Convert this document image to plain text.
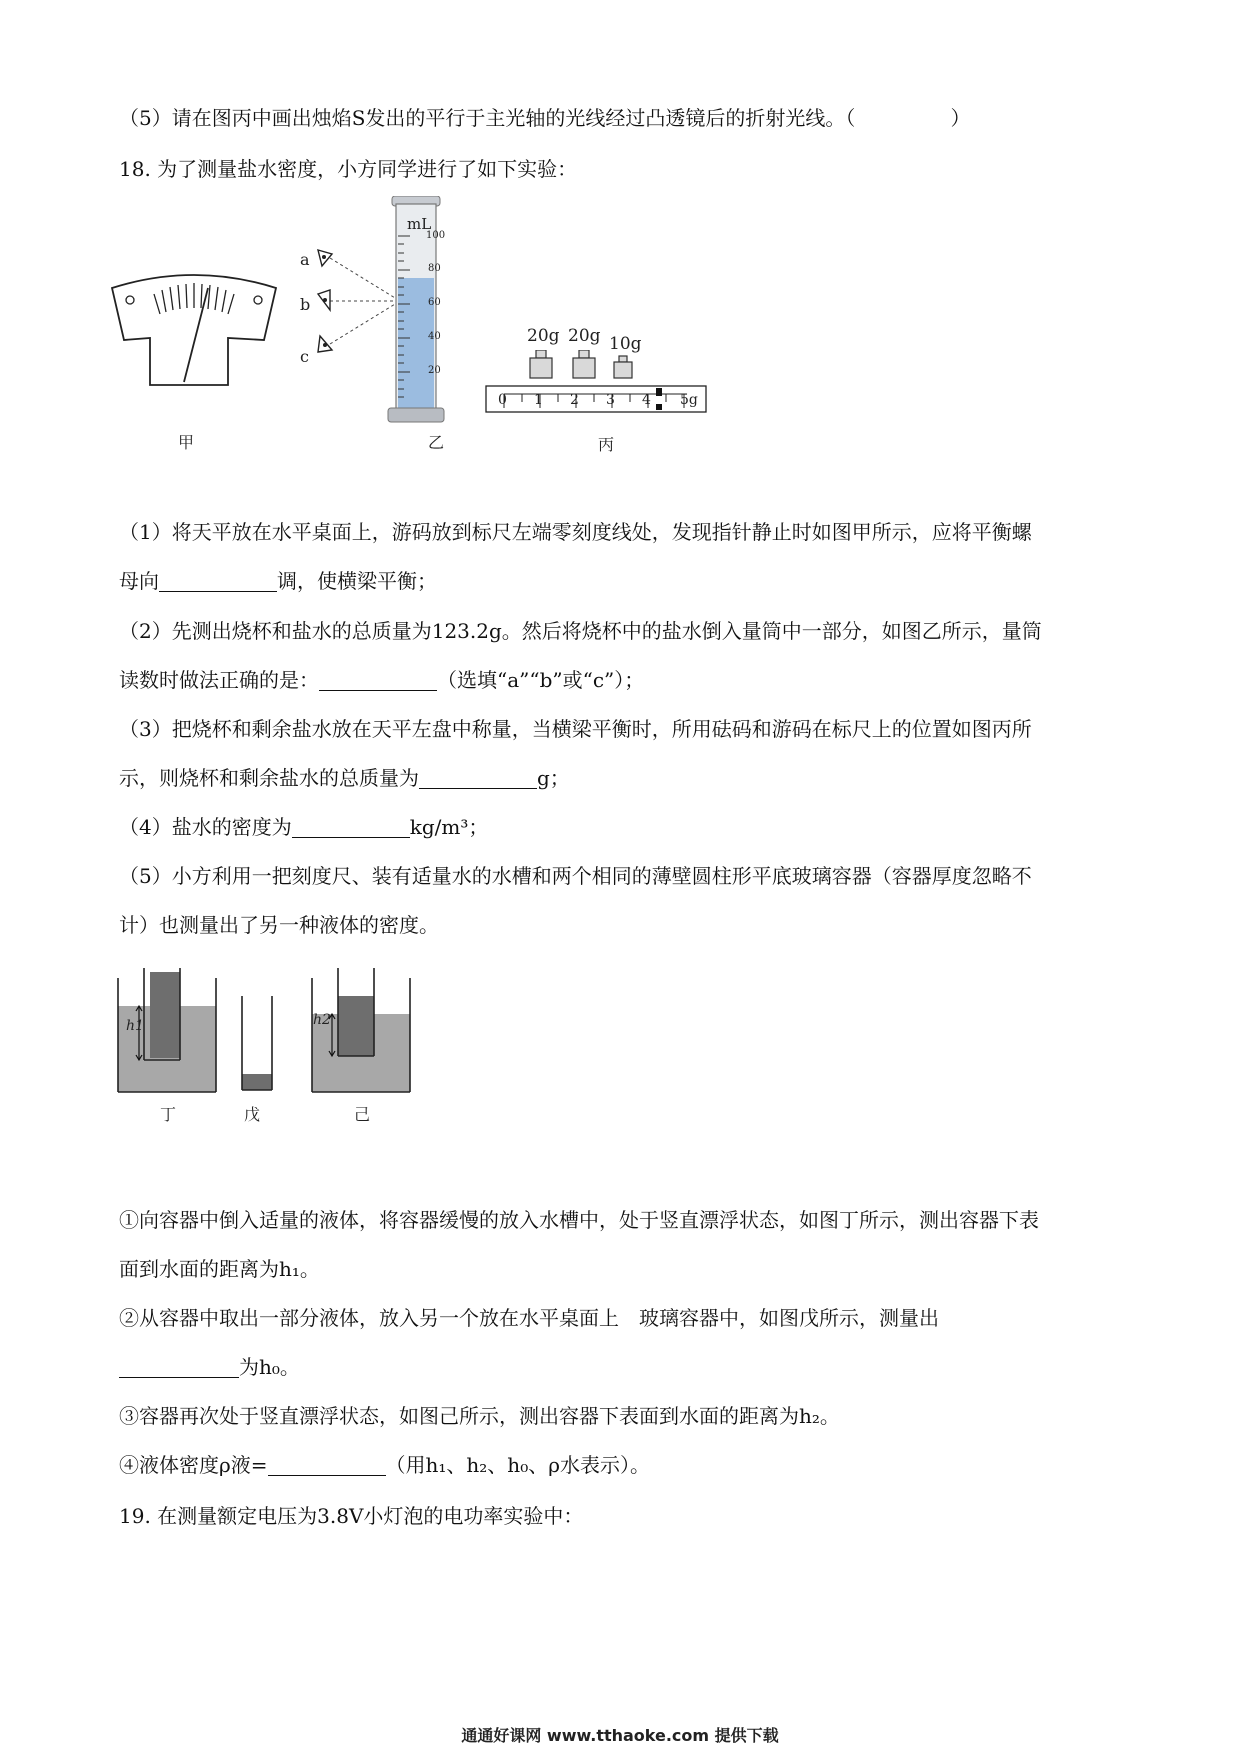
（5）请在图丙中画出烛焰S发出的平行于主光轴的光线经过凸透镜后的折射光线。（	）
18. 为了测量盐水密度，小方同学进行了如下实验：
甲
a
b
c
mL
100
80
60
40
20
乙
20g 20g 10g
0 1 2 3 4 5g
丙
（1）将天平放在水平桌面上，游码放到标尺左端零刻度线处，发现指针静止时如图甲所示，应将平衡螺
母向	调，使横梁平衡；
（2）先测出烧杯和盐水的总质量为123.2g。然后将烧杯中的盐水倒入量筒中一部分，如图乙所示，量筒
读数时做法正确的是：	（选填“a”“b”或“c”）；
（3）把烧杯和剩余盐水放在天平左盘中称量，当横梁平衡时，所用砝码和游码在标尺上的位置如图丙所
示，则烧杯和剩余盐水的总质量为	g；
（4）盐水的密度为	kg/m³；
（5）小方利用一把刻度尺、装有适量水的水槽和两个相同的薄壁圆柱形平底玻璃容器（容器厚度忽略不
计）也测量出了另一种液体的密度。
h1
丁	戊
h2
己
①向容器中倒入适量的液体，将容器缓慢的放入水槽中，处于竖直漂浮状态，如图丁所示，测出容器下表
面到水面的距离为h₁。
②从容器中取出一部分液体，放入另一个放在水平桌面上　玻璃容器中，如图戊所示，测量出
为h₀。
③容器再次处于竖直漂浮状态，如图己所示，测出容器下表面到水面的距离为h₂。
④液体密度ρ液=	（用h₁、h₂、h₀、ρ水表示）。
19. 在测量额定电压为3.8V小灯泡的电功率实验中：
通通好课网 www.tthaoke.com 提供下载
